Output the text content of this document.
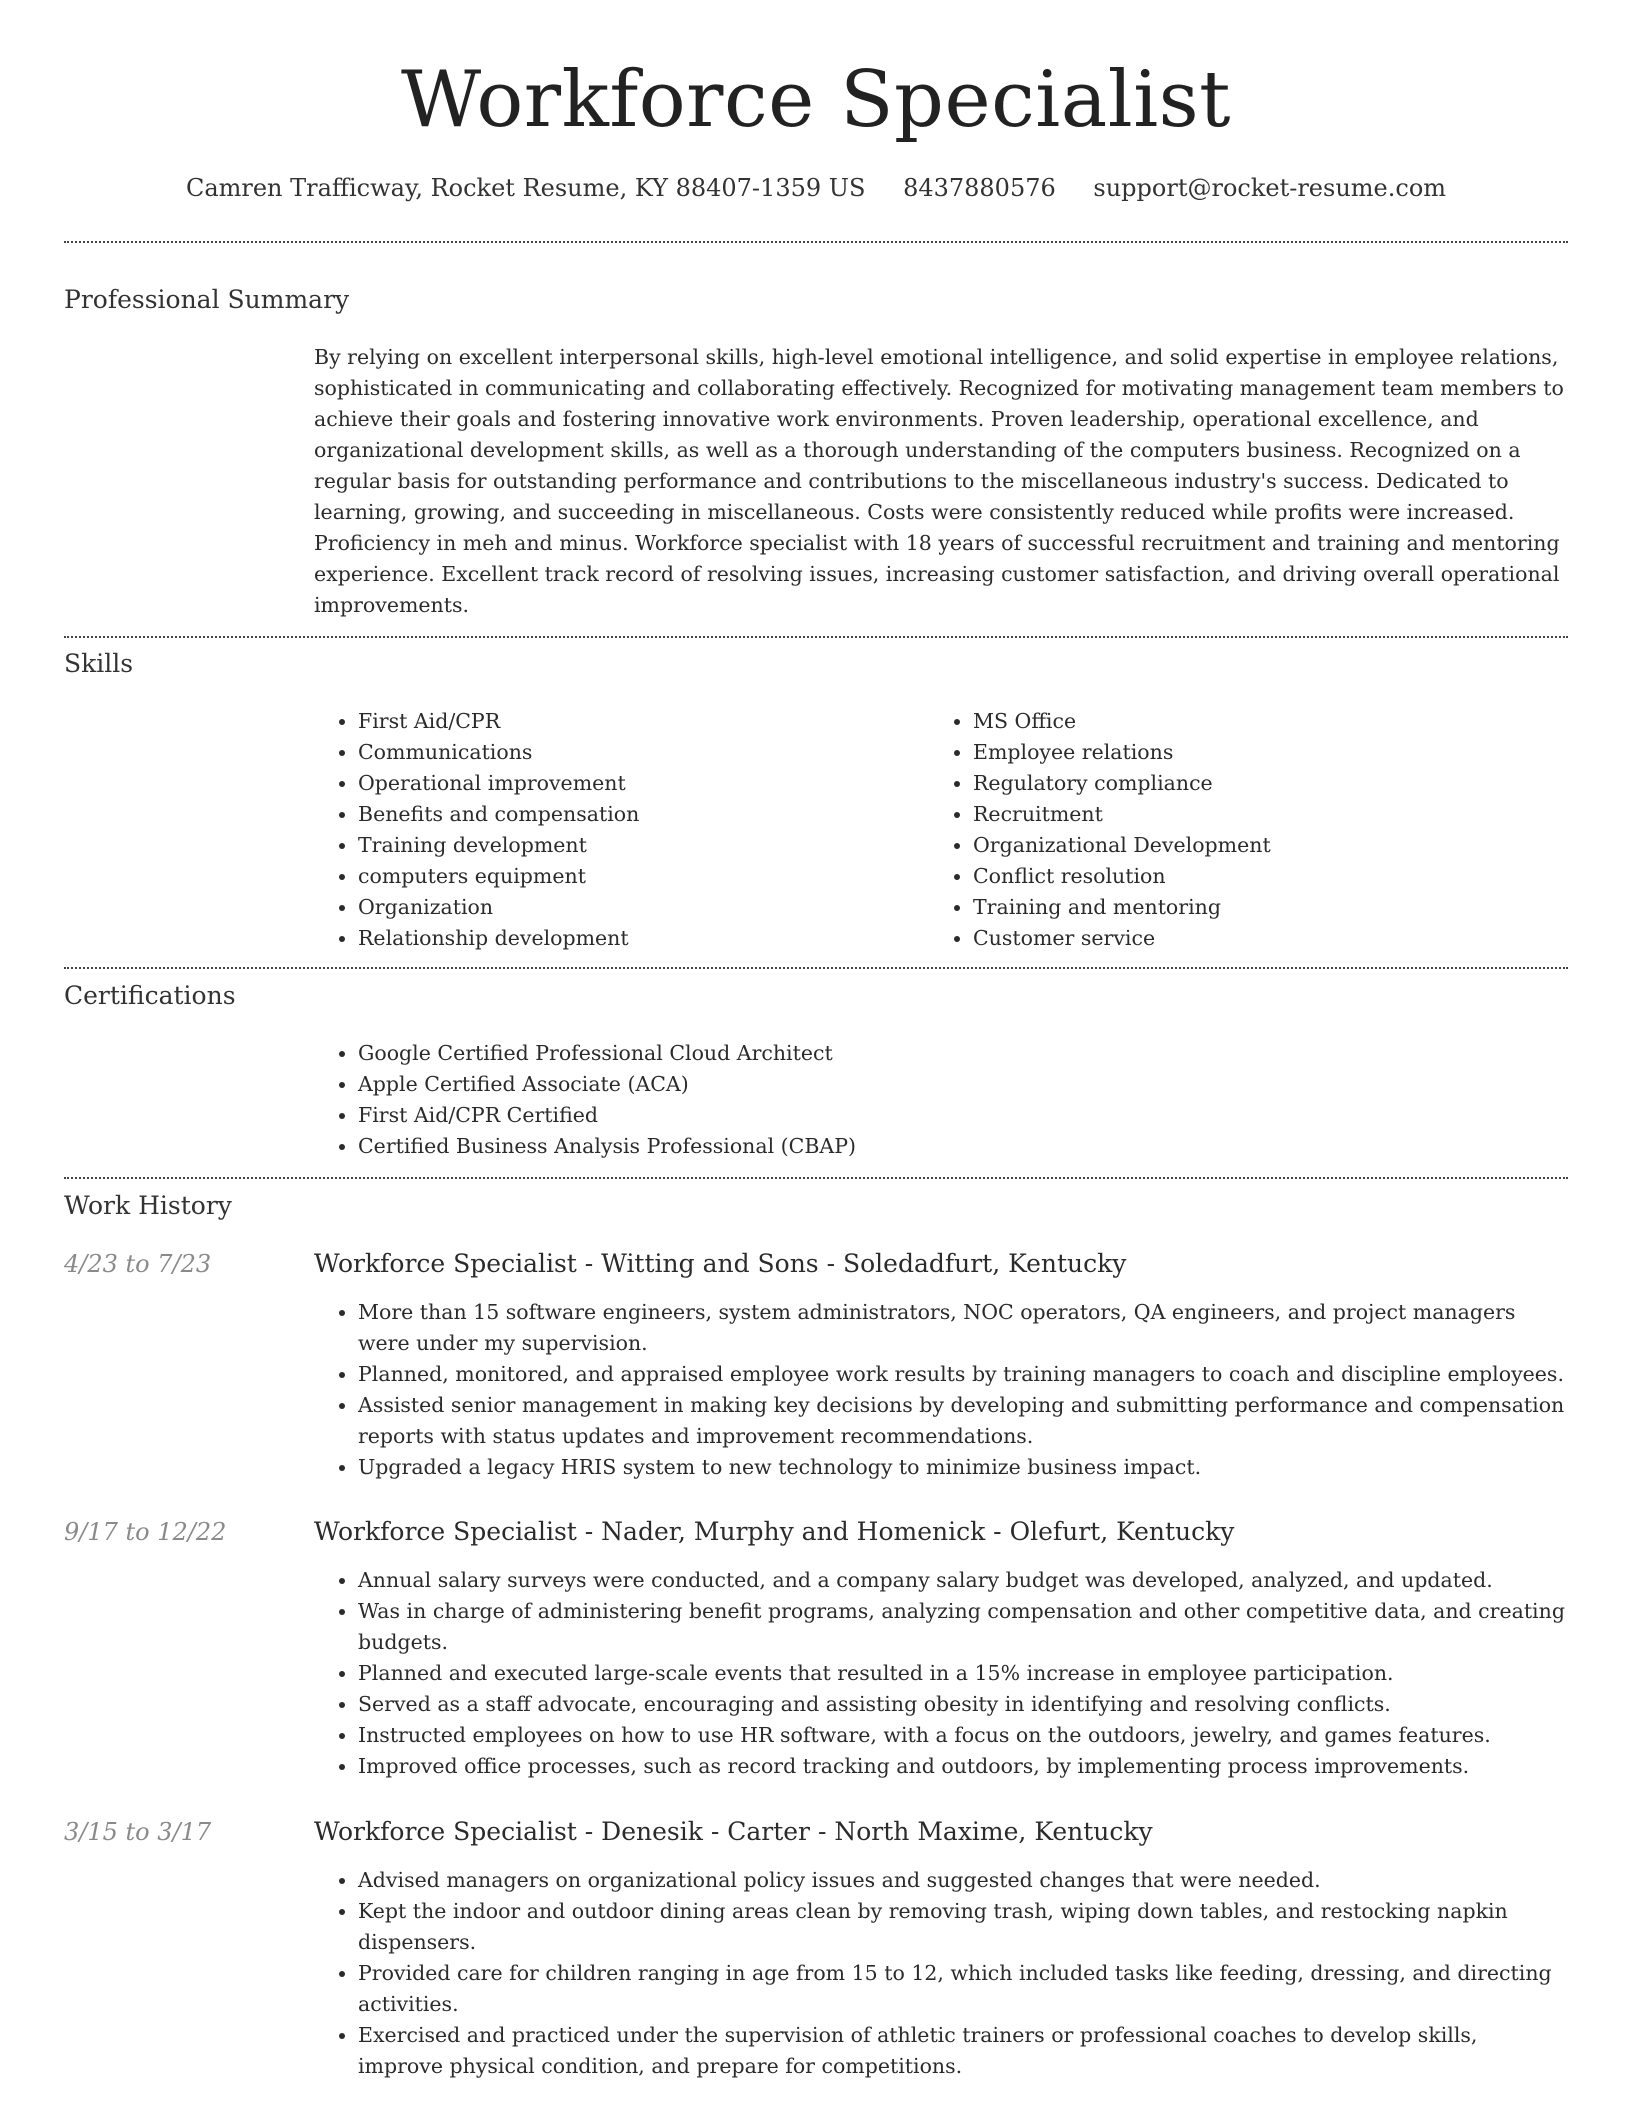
Workforce Specialist
Camren Trafficway, Rocket Resume, KY 88407-1359 US 8437880576 support@rocket-resume.com
Professional Summary
By relying on excellent interpersonal skills, high-level emotional intelligence, and solid expertise in employee relations, sophisticated in communicating and collaborating effectively. Recognized for motivating management team members to achieve their goals and fostering innovative work environments. Proven leadership, operational excellence, and organizational development skills, as well as a thorough understanding of the computers business. Recognized on a regular basis for outstanding performance and contributions to the miscellaneous industry's success. Dedicated to learning, growing, and succeeding in miscellaneous. Costs were consistently reduced while profits were increased. Proficiency in meh and minus. Workforce specialist with 18 years of successful recruitment and training and mentoring experience. Excellent track record of resolving issues, increasing customer satisfaction, and driving overall operational improvements.
Skills
• First Aid/CPR
• Communications
• Operational improvement
• Benefits and compensation
• Training development
• computers equipment
• Organization
• Relationship development
• MS Office
• Employee relations
• Regulatory compliance
• Recruitment
• Organizational Development
• Conflict resolution
• Training and mentoring
• Customer service
Certifications
• Google Certified Professional Cloud Architect
• Apple Certified Associate (ACA)
• First Aid/CPR Certified
• Certified Business Analysis Professional (CBAP)
Work History
4/23 to 7/23	Workforce Specialist - Witting and Sons - Soledadfurt, Kentucky
• More than 15 software engineers, system administrators, NOC operators, QA engineers, and project managers were under my supervision.
• Planned, monitored, and appraised employee work results by training managers to coach and discipline employees.
• Assisted senior management in making key decisions by developing and submitting performance and compensation reports with status updates and improvement recommendations.
• Upgraded a legacy HRIS system to new technology to minimize business impact.
9/17 to 12/22	Workforce Specialist - Nader, Murphy and Homenick - Olefurt, Kentucky
• Annual salary surveys were conducted, and a company salary budget was developed, analyzed, and updated.
• Was in charge of administering benefit programs, analyzing compensation and other competitive data, and creating budgets.
• Planned and executed large-scale events that resulted in a 15% increase in employee participation.
• Served as a staff advocate, encouraging and assisting obesity in identifying and resolving conflicts.
• Instructed employees on how to use HR software, with a focus on the outdoors, jewelry, and games features.
• Improved office processes, such as record tracking and outdoors, by implementing process improvements.
3/15 to 3/17	Workforce Specialist - Denesik - Carter - North Maxime, Kentucky
• Advised managers on organizational policy issues and suggested changes that were needed.
• Kept the indoor and outdoor dining areas clean by removing trash, wiping down tables, and restocking napkin dispensers.
• Provided care for children ranging in age from 15 to 12, which included tasks like feeding, dressing, and directing activities.
• Exercised and practiced under the supervision of athletic trainers or professional coaches to develop skills, improve physical condition, and prepare for competitions.
